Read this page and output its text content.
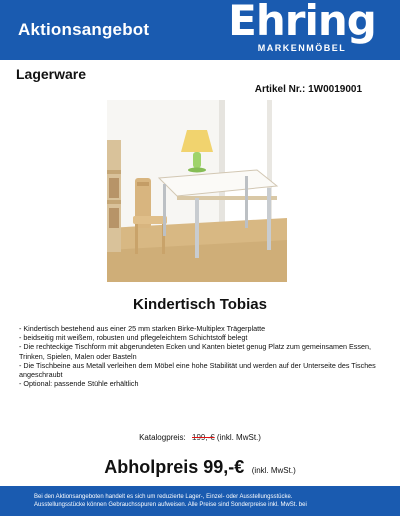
Aktionsangebot Ehring
MARKENMÖBEL
Lagerware
Artikel Nr.: 1W0019001
Kindertisch Tobias
- Kindertisch bestehend aus einer 25 mm starken Birke-Multiplex Trägerplatte
- beidseitig mit weißem, robusten und pflegeleichtem Schichtstoff belegt
- Die rechteckige Tischform mit abgerundeten Ecken und Kanten bietet genug Platz zum gemeinsamen Essen, Trinken, Spielen, Malen oder Basteln
- Die Tischbeine aus Metall verleihen dem Möbel eine hohe Stabilität und werden auf der Unterseite des Tisches angeschraubt
- Optional: passende Stühle erhältlich
Katalogpreis: 199,-€ (inkl. MwSt.)
Abholpreis 99,-€ (inkl. MwSt.)
Bei den Aktionsangeboten handelt es sich um reduzierte Lager-, Einzel- oder Ausstellungsstücke.
Ausstellungsstücke können Gebrauchsspuren aufweisen. Alle Preise sind Sonderpreise inkl. MwSt. bei
